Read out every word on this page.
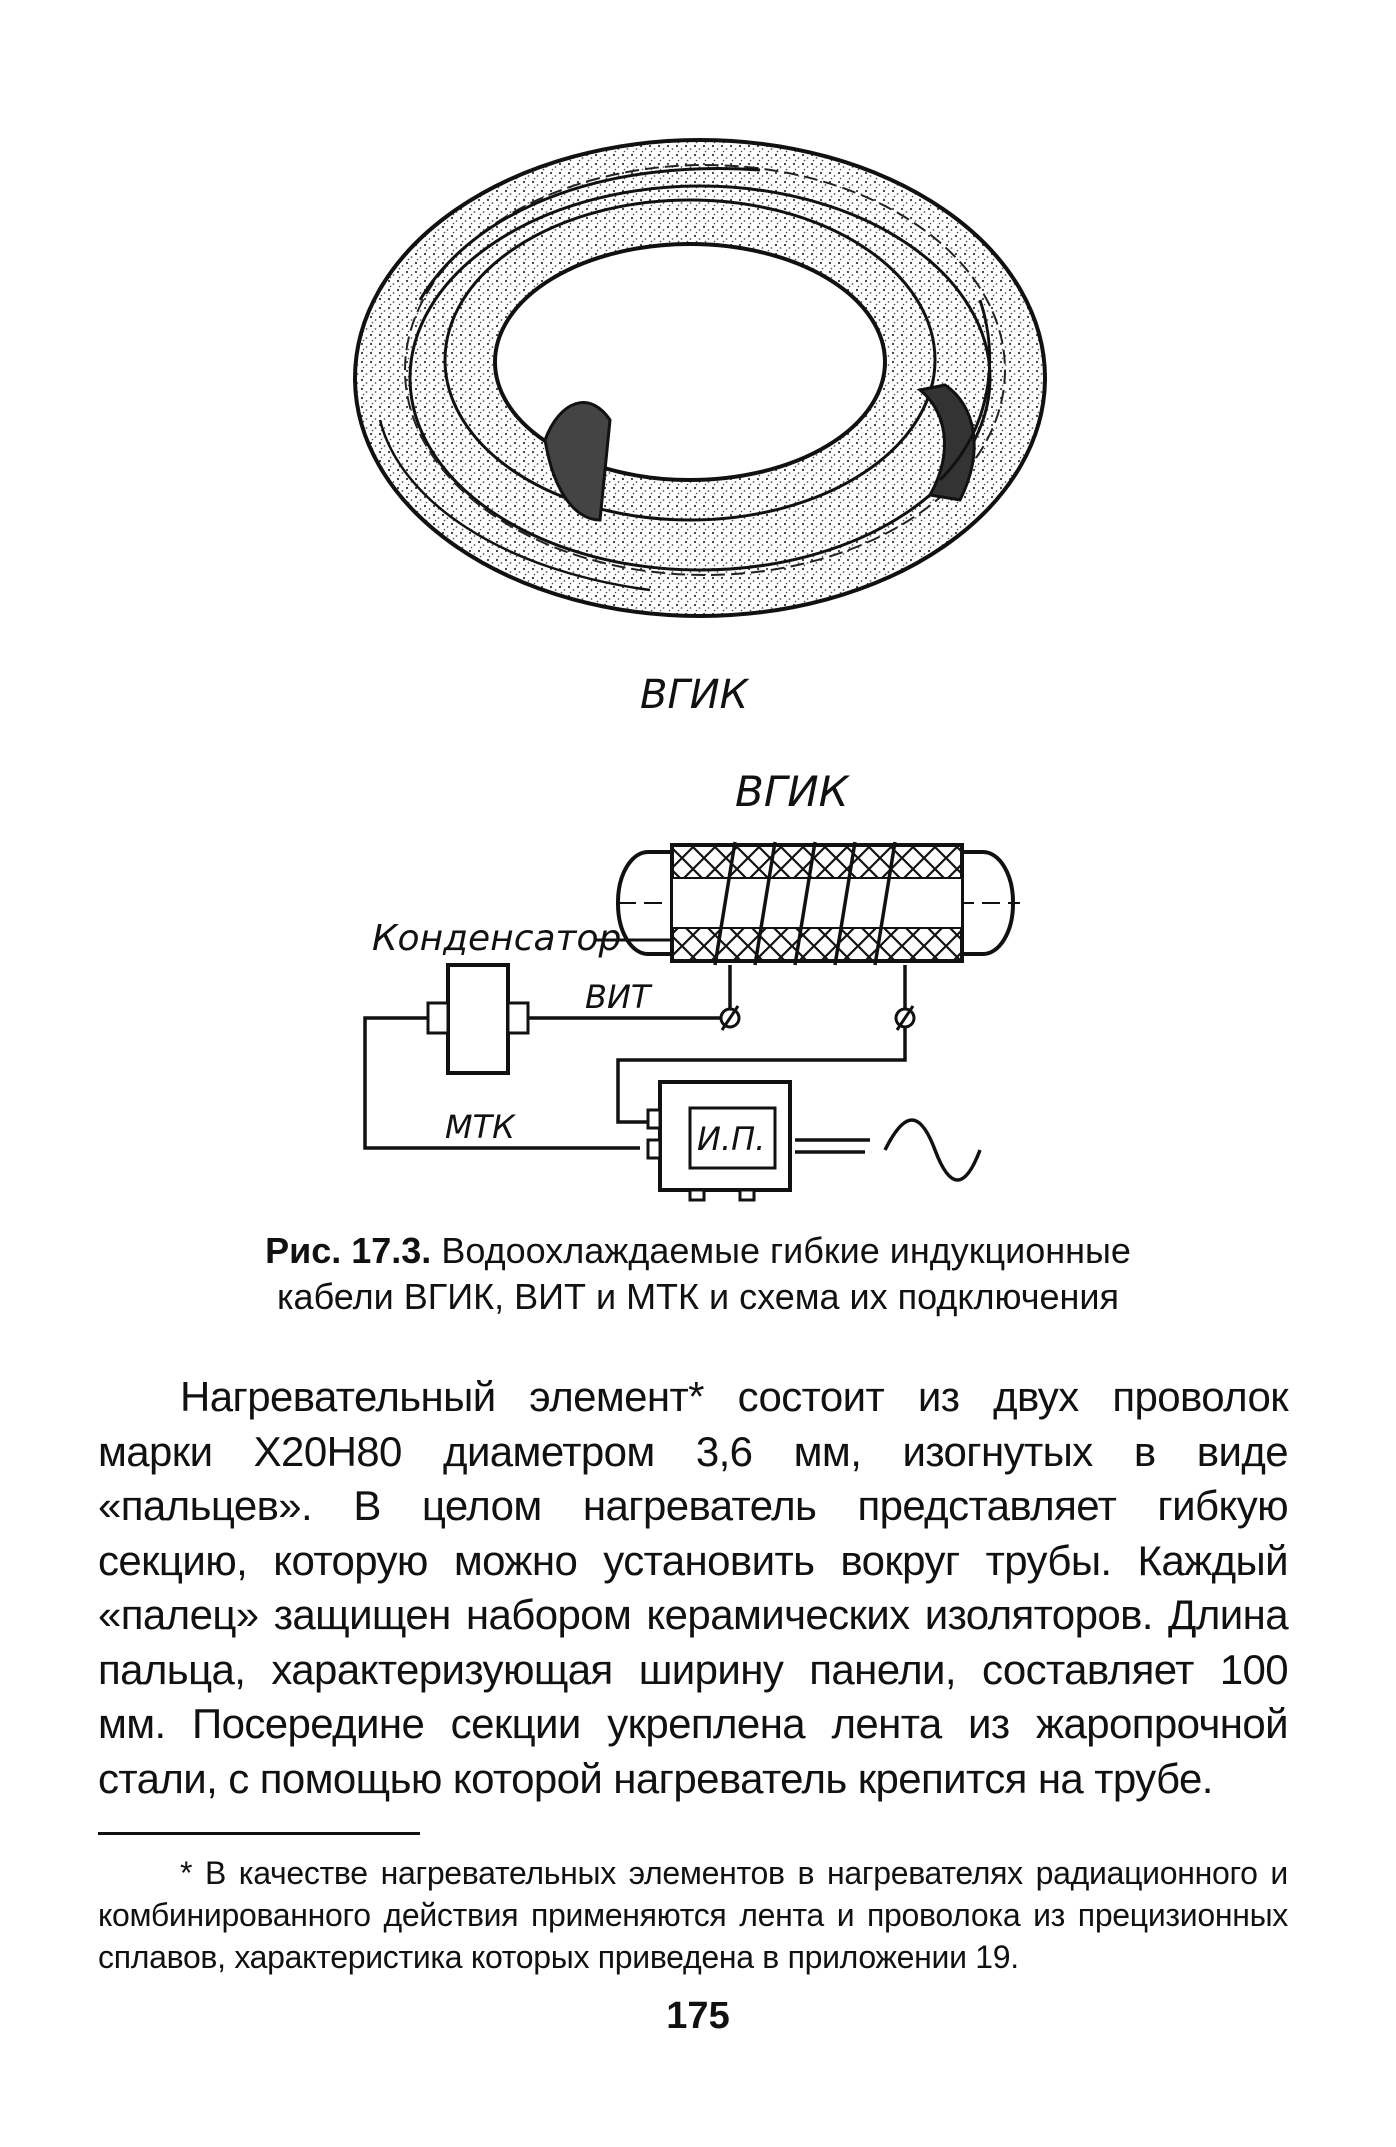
ВГИК
ВГИК
Конденсатор
ВИТ
МТК	И.П.
Рис. 17.3. Водоохлаждаемые гибкие индукционные
кабели ВГИК, ВИТ и МТК и схема их подключения

Нагревательный элемент* состоит из двух проволок марки Х20Н80 диаметром 3,6 мм, изогнутых в виде «пальцев». В целом нагреватель представляет гибкую секцию, которую можно установить вокруг трубы. Каждый «палец» защищен набором керамических изоляторов. Длина пальца, характеризующая ширину панели, составляет 100 мм. Посередине секции укреплена лента из жаропрочной стали, с помощью которой нагреватель крепится на трубе.

* В качестве нагревательных элементов в нагревателях радиационного и комбинированного действия применяются лента и проволока из прецизионных сплавов, характеристика которых приведена в приложении 19.

175
